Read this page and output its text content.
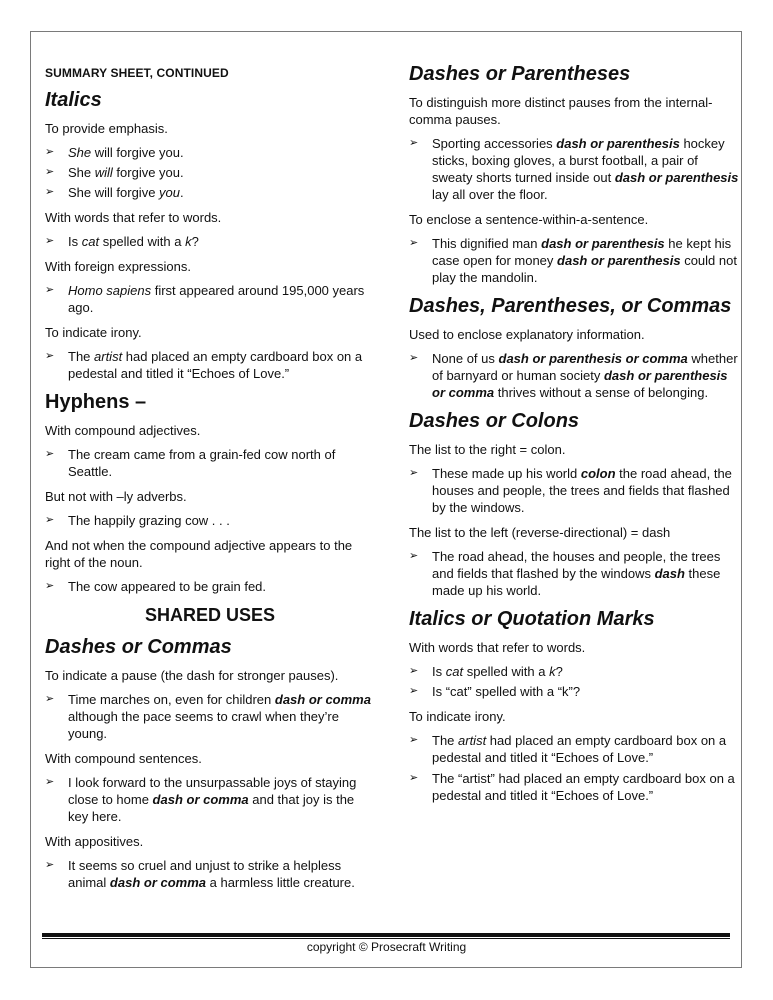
SUMMARY SHEET, CONTINUED
Italics

To provide emphasis.

➢ She will forgive you.
➢ She will forgive you.
➢ She will forgive you.

With words that refer to words.

➢ Is cat spelled with a k?

With foreign expressions.

➢ Homo sapiens first appeared around 195,000 years ago.

To indicate irony.

➢ The artist had placed an empty cardboard box on a pedestal and titled it “Echoes of Love.”
Hyphens –

With compound adjectives.

➢ The cream came from a grain-fed cow north of Seattle.

But not with –ly adverbs.

➢ The happily grazing cow . . .

And not when the compound adjective appears to the right of the noun.

➢ The cow appeared to be grain fed.
SHARED USES
Dashes or Commas

To indicate a pause (the dash for stronger pauses).

➢ Time marches on, even for children dash or comma although the pace seems to crawl when they’re young.

With compound sentences.

➢ I look forward to the unsurpassable joys of staying close to home dash or comma and that joy is the key here.

With appositives.

➢ It seems so cruel and unjust to strike a helpless animal dash or comma a harmless little creature.
Dashes or Parentheses

To distinguish more distinct pauses from the internal-comma pauses.

➢ Sporting accessories dash or parenthesis hockey sticks, boxing gloves, a burst football, a pair of sweaty shorts turned inside out dash or parenthesis lay all over the floor.

To enclose a sentence-within-a-sentence.

➢ This dignified man dash or parenthesis he kept his case open for money dash or parenthesis could not play the mandolin.
Dashes, Parentheses, or Commas

Used to enclose explanatory information.

➢ None of us dash or parenthesis or comma whether of barnyard or human society dash or parenthesis or comma thrives without a sense of belonging.
Dashes or Colons

The list to the right = colon.

➢ These made up his world colon the road ahead, the houses and people, the trees and fields that flashed by the windows.

The list to the left (reverse-directional) = dash

➢ The road ahead, the houses and people, the trees and fields that flashed by the windows dash these made up his world.
Italics or Quotation Marks

With words that refer to words.

➢ Is cat spelled with a k?
➢ Is “cat” spelled with a “k”?

To indicate irony.

➢ The artist had placed an empty cardboard box on a pedestal and titled it “Echoes of Love.”
➢ The “artist” had placed an empty cardboard box on a pedestal and titled it “Echoes of Love.”
copyright © Prosecraft Writing
